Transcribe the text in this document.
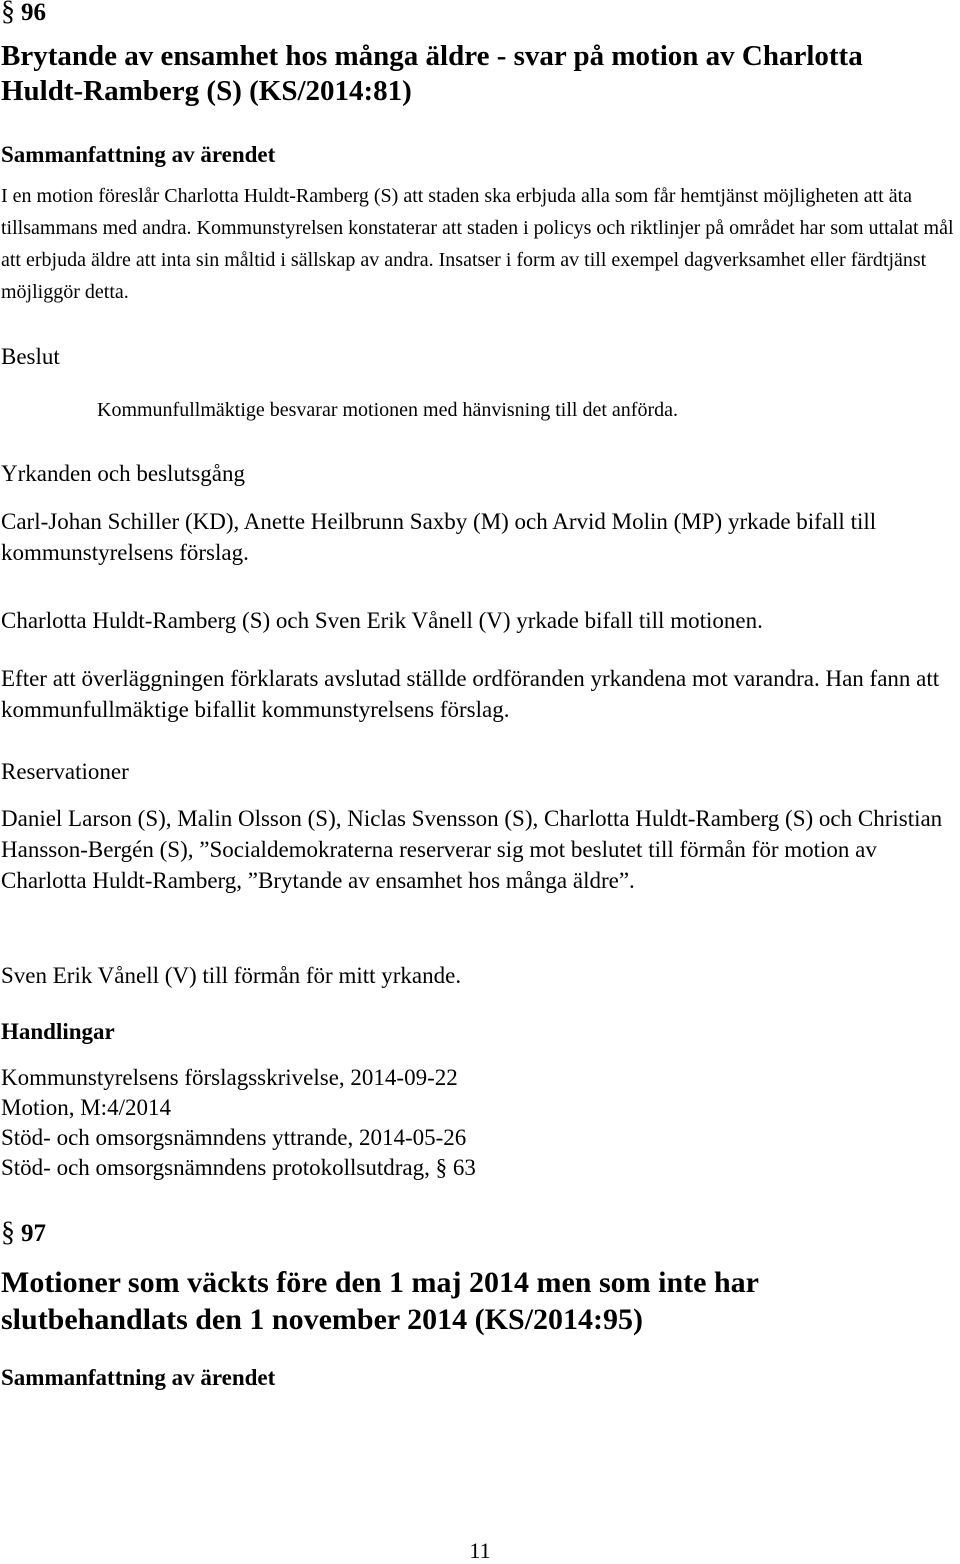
§ 96
Brytande av ensamhet hos många äldre - svar på motion av Charlotta Huldt-Ramberg (S) (KS/2014:81)
Sammanfattning av ärendet
I en motion föreslår Charlotta Huldt-Ramberg (S) att staden ska erbjuda alla som får hemtjänst möjligheten att äta tillsammans med andra. Kommunstyrelsen konstaterar att staden i policys och riktlinjer på området har som uttalat mål att erbjuda äldre att inta sin måltid i sällskap av andra. Insatser i form av till exempel dagverksamhet eller färdtjänst möjliggör detta.
Beslut
Kommunfullmäktige besvarar motionen med hänvisning till det anförda.
Yrkanden och beslutsgång
Carl-Johan Schiller (KD), Anette Heilbrunn Saxby (M) och Arvid Molin (MP) yrkade bifall till kommunstyrelsens förslag.
Charlotta Huldt-Ramberg (S) och Sven Erik Vånell (V) yrkade bifall till motionen.
Efter att överläggningen förklarats avslutad ställde ordföranden yrkandena mot varandra. Han fann att kommunfullmäktige bifallit kommunstyrelsens förslag.
Reservationer
Daniel Larson (S), Malin Olsson (S), Niclas Svensson (S), Charlotta Huldt-Ramberg (S) och Christian Hansson-Bergén (S), ”Socialdemokraterna reserverar sig mot beslutet till förmån för motion av Charlotta Huldt-Ramberg, ”Brytande av ensamhet hos många äldre”.
Sven Erik Vånell (V) till förmån för mitt yrkande.
Handlingar
Kommunstyrelsens förslagsskrivelse, 2014-09-22
Motion, M:4/2014
Stöd- och omsorgsnämndens yttrande, 2014-05-26
Stöd- och omsorgsnämndens protokollsutdrag, § 63
§ 97
Motioner som väckts före den 1 maj 2014 men som inte har slutbehandlats den 1 november 2014 (KS/2014:95)
Sammanfattning av ärendet
11
